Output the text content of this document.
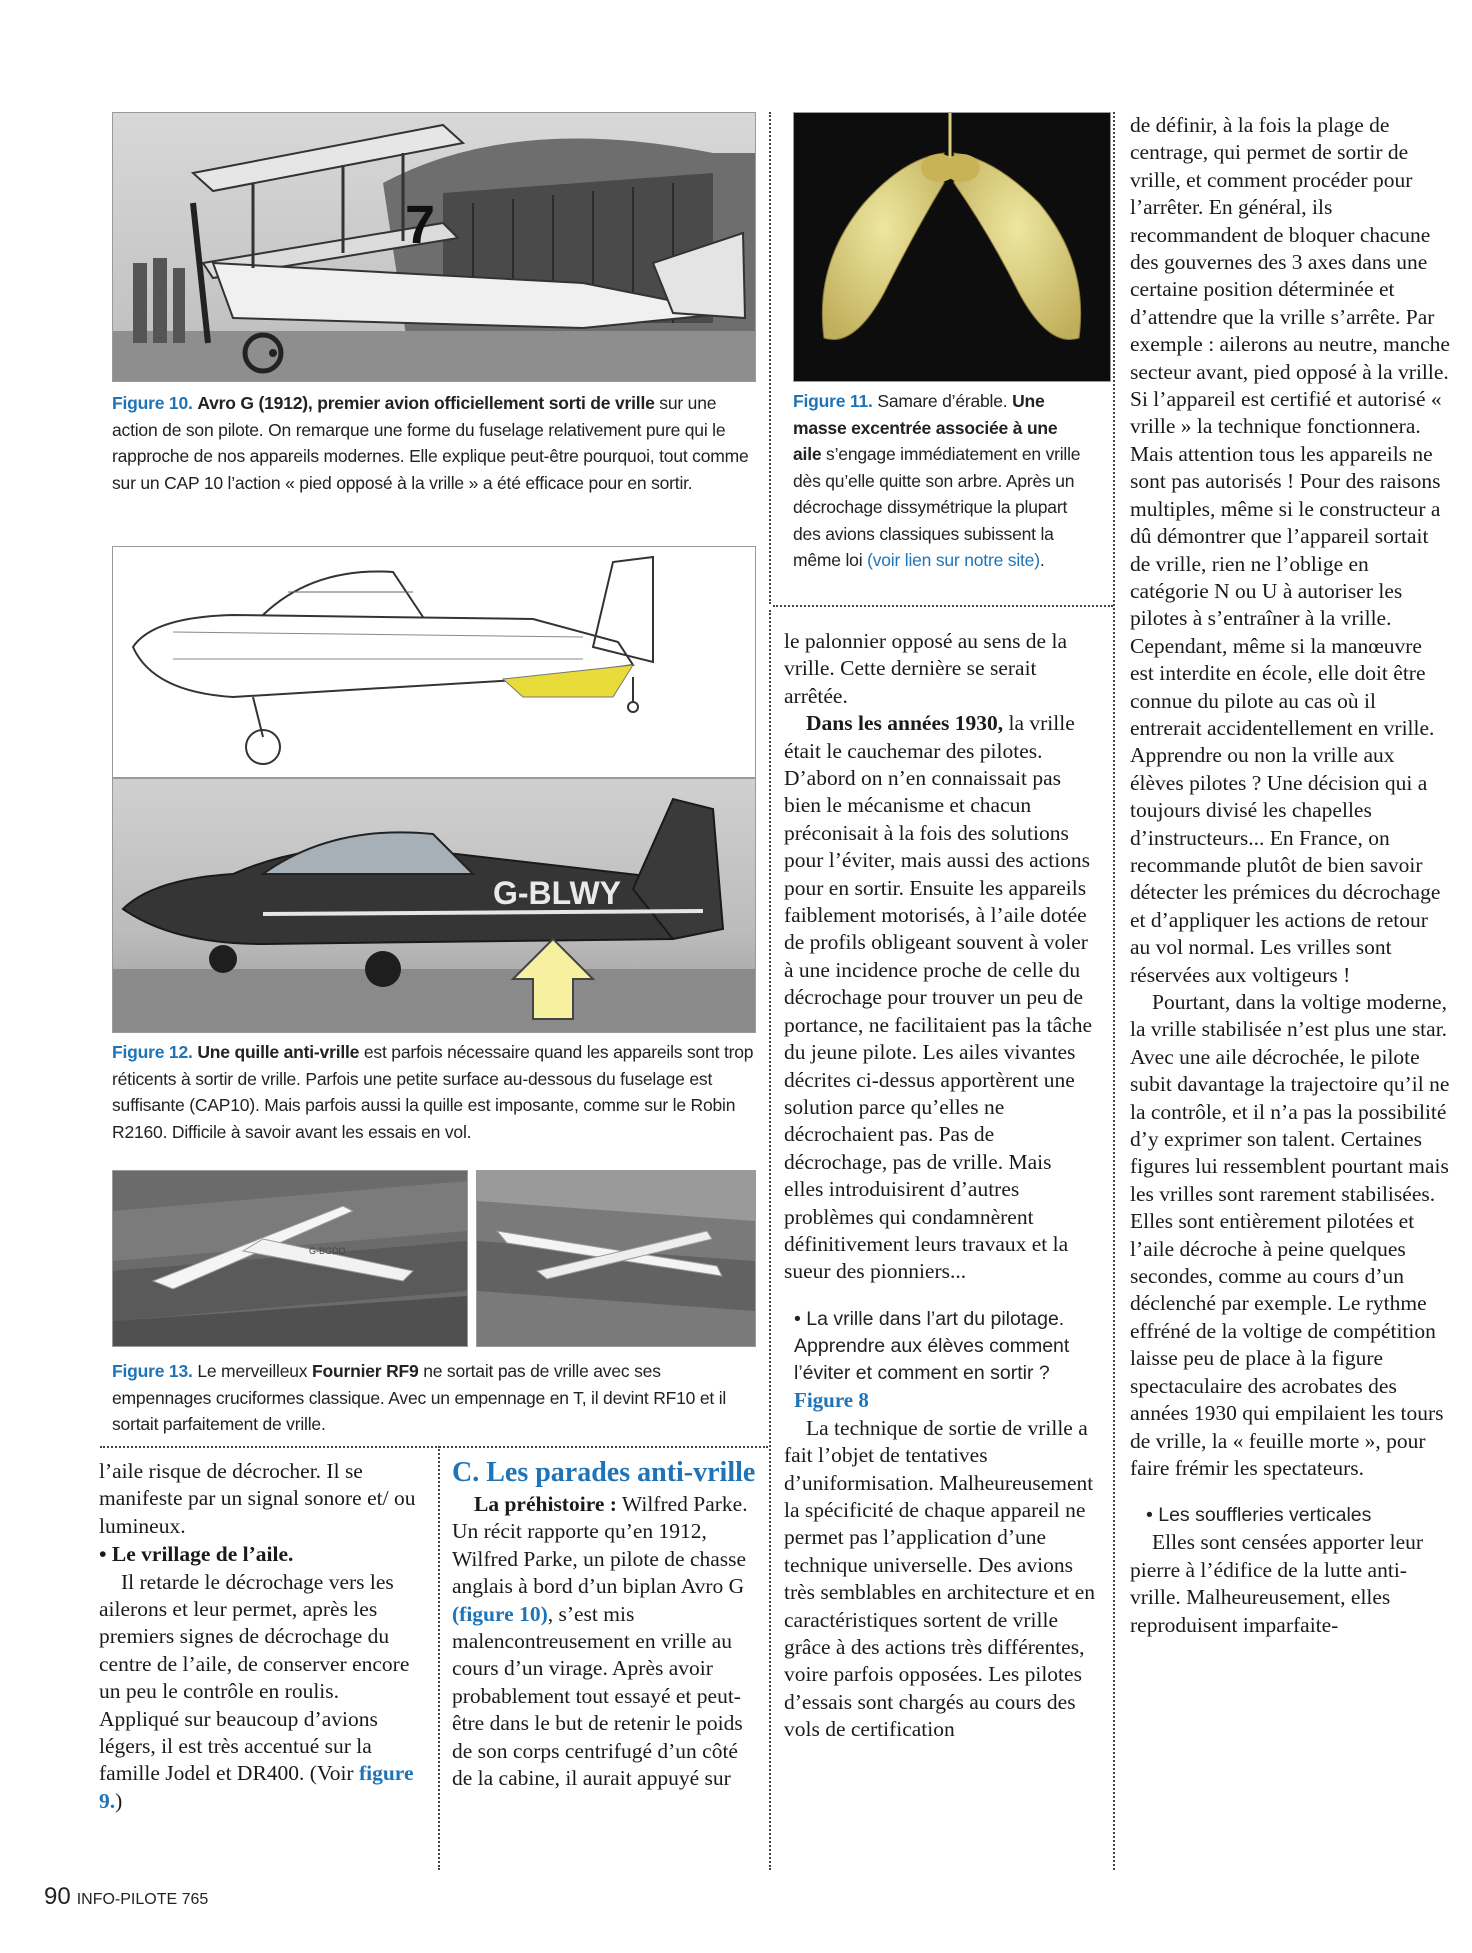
7
Figure 10. Avro G (1912), premier avion officiellement sorti de vrille sur une action de son pilote. On remarque une forme du fuselage relativement pure qui le rapproche de nos appareils modernes. Elle explique peut-être pourquoi, tout comme sur un CAP 10 l’action « pied opposé à la vrille » a été efficace pour en sortir.
Figure 11. Samare d’érable. Une masse excentrée associée à une aile s’engage immédiatement en vrille dès qu’elle quitte son arbre. Après un décrochage dissymétrique la plupart des avions classiques subissent la même loi (voir lien sur notre site).
G-BLWY
Figure 12. Une quille anti-vrille est parfois nécessaire quand les appareils sont trop réticents à sortir de vrille. Parfois une petite surface au-dessous du fuselage est suffisante (CAP10). Mais parfois aussi la quille est imposante, comme sur le Robin R2160. Difficile à savoir avant les essais en vol.
G-BGDO
Figure 13. Le merveilleux Fournier RF9 ne sortait pas de vrille avec ses empennages cruciformes classique. Avec un empennage en T, il devint RF10 et il sortait parfaitement de vrille.

l’aile risque de décrocher. Il se manifeste par un signal sonore et/ ou lumineux.

• Le vrillage de l’aile.

Il retarde le décrochage vers les ailerons et leur permet, après les premiers signes de décrochage du centre de l’aile, de conserver encore un peu le contrôle en roulis. Appliqué sur beaucoup d’avions légers, il est très accentué sur la famille Jodel et DR400. (Voir figure 9.)

C. Les parades anti-vrille

La préhistoire : Wilfred Parke. Un récit rapporte qu’en 1912, Wilfred Parke, un pilote de chasse anglais à bord d’un biplan Avro G (figure 10), s’est mis malencontreusement en vrille au cours d’un virage. Après avoir probablement tout essayé et peut-être dans le but de retenir le poids de son corps centrifugé d’un côté de la cabine, il aurait appuyé sur

le palonnier opposé au sens de la vrille. Cette dernière se serait arrêtée.

Dans les années 1930, la vrille était le cauchemar des pilotes. D’abord on n’en connaissait pas bien le mécanisme et chacun préconisait à la fois des solutions pour l’éviter, mais aussi des actions pour en sortir. Ensuite les appareils faiblement motorisés, à l’aile dotée de profils obligeant souvent à voler à une incidence proche de celle du décrochage pour trouver un peu de portance, ne facilitaient pas la tâche du jeune pilote. Les ailes vivantes décrites ci-dessus apportèrent une solution parce qu’elles ne décrochaient pas. Pas de décrochage, pas de vrille. Mais elles introduisirent d’autres problèmes qui condamnèrent définitivement leurs travaux et la sueur des pionniers...

• La vrille dans l’art du pilotage. Apprendre aux élèves comment l’éviter et comment en sortir ? Figure 8

La technique de sortie de vrille a fait l’objet de tentatives d’uniformisation. Malheureusement la spécificité de chaque appareil ne permet pas l’application d’une technique universelle. Des avions très semblables en architecture et en caractéristiques sortent de vrille grâce à des actions très différentes, voire parfois opposées. Les pilotes d’essais sont chargés au cours des vols de certification

de définir, à la fois la plage de centrage, qui permet de sortir de vrille, et comment procéder pour l’arrêter. En général, ils recommandent de bloquer chacune des gouvernes des 3 axes dans une certaine position déterminée et d’attendre que la vrille s’arrête. Par exemple : ailerons au neutre, manche secteur avant, pied opposé à la vrille. Si l’appareil est certifié et autorisé « vrille » la technique fonctionnera. Mais attention tous les appareils ne sont pas autorisés ! Pour des raisons multiples, même si le constructeur a dû démontrer que l’appareil sortait de vrille, rien ne l’oblige en catégorie N ou U à autoriser les pilotes à s’entraîner à la vrille. Cependant, même si la manœuvre est interdite en école, elle doit être connue du pilote au cas où il entrerait accidentellement en vrille. Apprendre ou non la vrille aux élèves pilotes ? Une décision qui a toujours divisé les chapelles d’instructeurs... En France, on recommande plutôt de bien savoir détecter les prémices du décrochage et d’appliquer les actions de retour au vol normal. Les vrilles sont réservées aux voltigeurs !

Pourtant, dans la voltige moderne, la vrille stabilisée n’est plus une star. Avec une aile décrochée, le pilote subit davantage la trajectoire qu’il ne la contrôle, et il n’a pas la possibilité d’y exprimer son talent. Certaines figures lui ressemblent pourtant mais les vrilles sont rarement stabilisées. Elles sont entièrement pilotées et l’aile décroche à peine quelques secondes, comme au cours d’un déclenché par exemple. Le rythme effréné de la voltige de compétition laisse peu de place à la figure spectaculaire des acrobates des années 1930 qui empilaient les tours de vrille, la « feuille morte », pour faire frémir les spectateurs.

• Les souffleries verticales

Elles sont censées apporter leur pierre à l’édifice de la lutte anti-vrille. Malheureusement, elles reproduisent imparfaite-

90 INFO-PILOTE 765
